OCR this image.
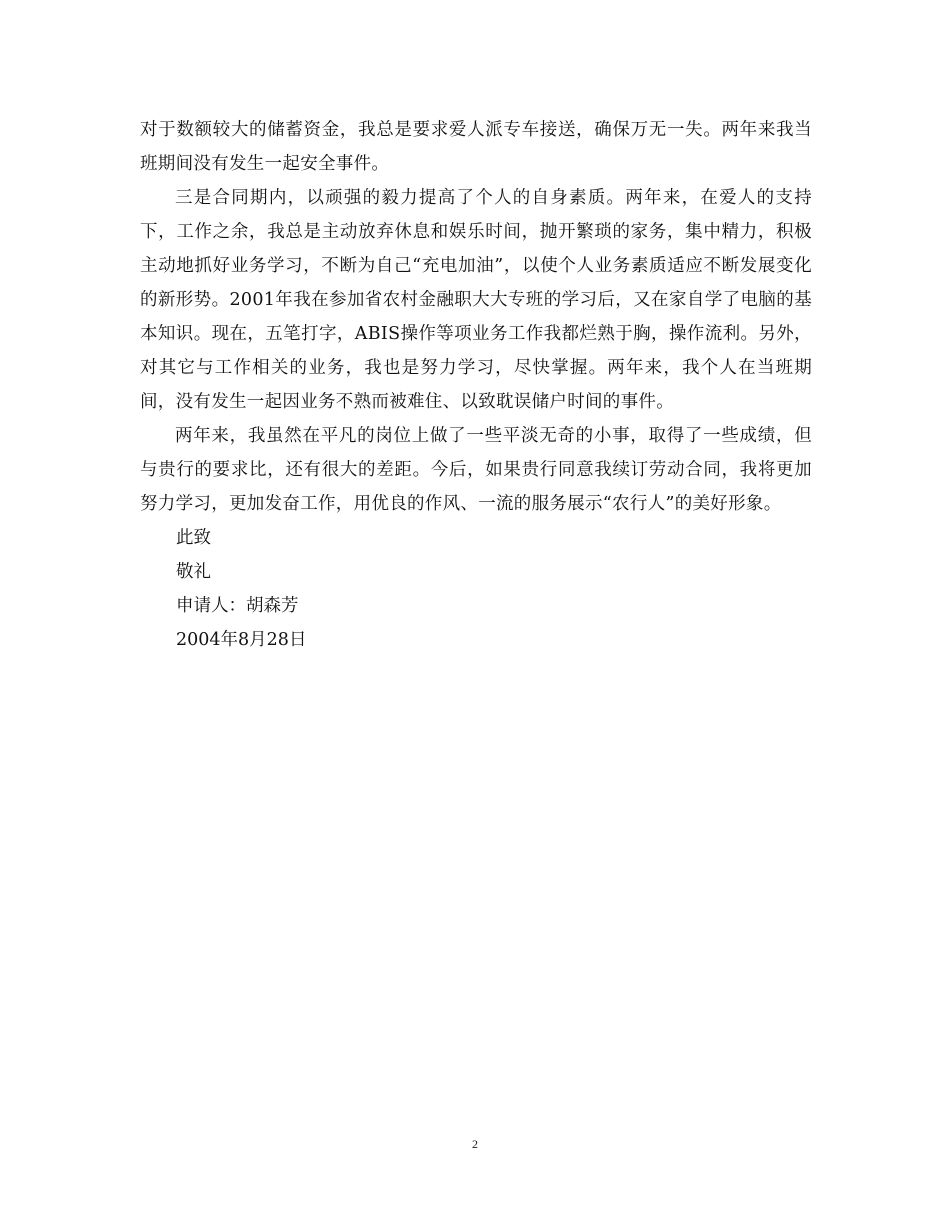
对于数额较大的储蓄资金，我总是要求爱人派专车接送，确保万无一失。两年来我当班期间没有发生一起安全事件。

三是合同期内，以顽强的毅力提高了个人的自身素质。两年来，在爱人的支持下，工作之余，我总是主动放弃休息和娱乐时间，抛开繁琐的家务，集中精力，积极主动地抓好业务学习，不断为自己“充电加油”，以使个人业务素质适应不断发展变化的新形势。2001年我在参加省农村金融职大大专班的学习后，又在家自学了电脑的基本知识。现在，五笔打字，ABIS操作等项业务工作我都烂熟于胸，操作流利。另外，对其它与工作相关的业务，我也是努力学习，尽快掌握。两年来，我个人在当班期间，没有发生一起因业务不熟而被难住、以致耽误储户时间的事件。

两年来，我虽然在平凡的岗位上做了一些平淡无奇的小事，取得了一些成绩，但与贵行的要求比，还有很大的差距。今后，如果贵行同意我续订劳动合同，我将更加努力学习，更加发奋工作，用优良的作风、一流的服务展示“农行人”的美好形象。

此致

敬礼

申请人：胡森芳

2004年8月28日

2
